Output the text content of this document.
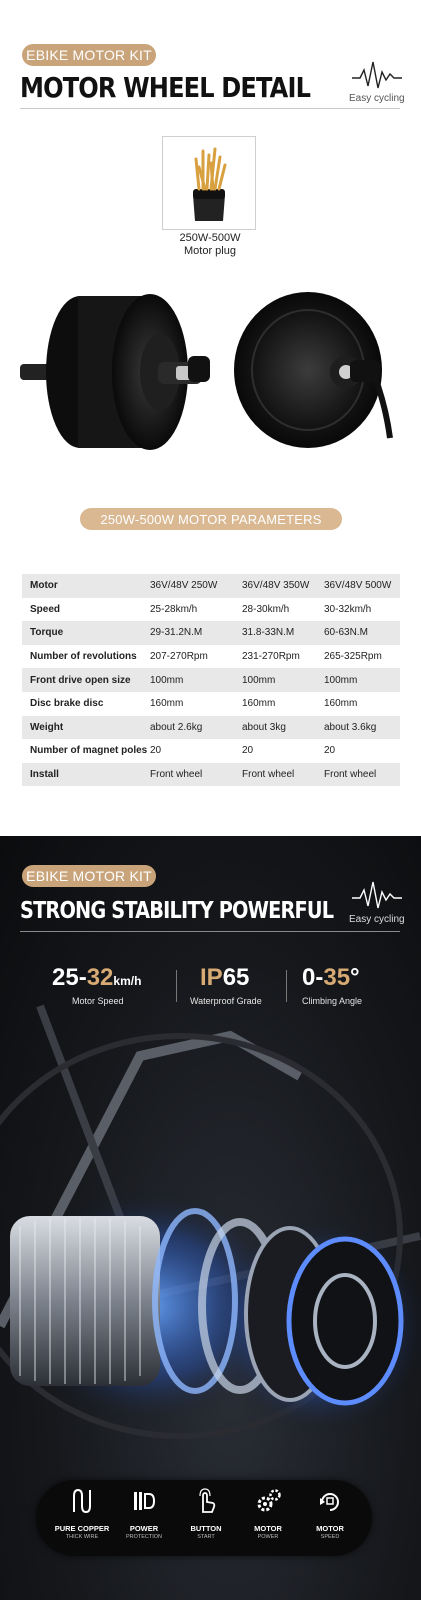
EBIKE MOTOR KIT
MOTOR WHEEL DETAIL	Easy cycling
250W-500W
Motor plug
250W-500W MOTOR PARAMETERS
Motor	36V/48V 250W	36V/48V 350W	36V/48V 500W
Speed	25-28km/h	28-30km/h	30-32km/h
Torque	29-31.2N.M	31.8-33N.M	60-63N.M
Number of revolutions	207-270Rpm	231-270Rpm	265-325Rpm
Front drive open size	100mm	100mm	100mm
Disc brake disc	160mm	160mm	160mm
Weight	about 2.6kg	about 3kg	about 3.6kg
Number of magnet poles	20	20	20
Install	Front wheel	Front wheel	Front wheel
EBIKE MOTOR KIT
STRONG STABILITY POWERFUL Easy cycling
25-32km/h
Motor Speed
IP65
Waterproof Grade
0-35°
Climbing Angle
PURE COPPER
THICK WIRE
POWER
PROTECTION
BUTTON
START
MOTOR
POWER
MOTOR
SPEED
